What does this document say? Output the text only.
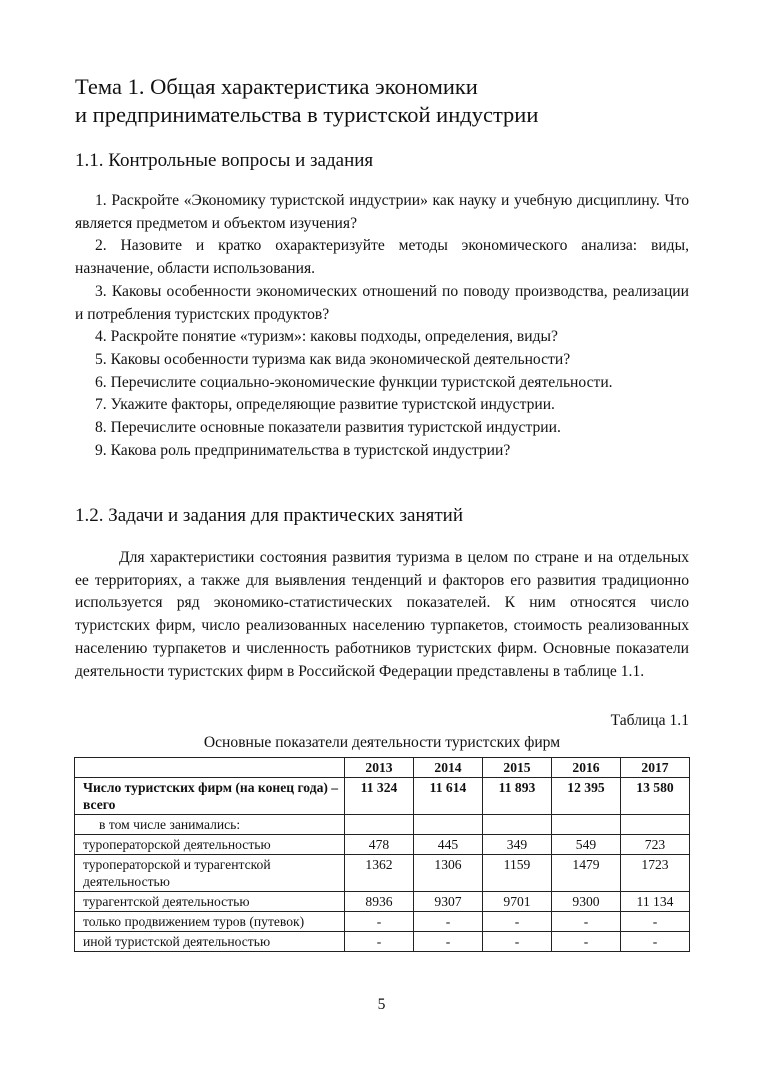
Тема 1. Общая характеристика экономики
и предпринимательства в туристской индустрии
1.1. Контрольные вопросы и задания
1. Раскройте «Экономику туристской индустрии» как науку и учебную дисциплину. Что является предметом и объектом изучения?
2. Назовите и кратко охарактеризуйте методы экономического анализа: виды, назначение, области использования.
3. Каковы особенности экономических отношений по поводу производства, реализации и потребления туристских продуктов?
4. Раскройте понятие «туризм»: каковы подходы, определения, виды?
5. Каковы особенности туризма как вида экономической деятельности?
6. Перечислите социально-экономические функции туристской деятельности.
7. Укажите факторы, определяющие развитие туристской индустрии.
8. Перечислите основные показатели развития туристской индустрии.
9. Какова роль предпринимательства в туристской индустрии?
1.2. Задачи и задания для практических занятий

Для характеристики состояния развития туризма в целом по стране и на отдельных ее территориях, а также для выявления тенденций и факторов его развития традиционно используется ряд экономико-статистических показателей. К ним относятся число туристских фирм, число реализованных населению турпакетов, стоимость реализованных населению турпакетов и численность работников туристских фирм. Основные показатели деятельности туристских фирм в Российской Федерации представлены в таблице 1.1.

Таблица 1.1
Основные показатели деятельности туристских фирм
	2013	2014	2015	2016	2017
Число туристских фирм (на конец года) – всего	11 324	11 614	11 893	12 395	13 580
в том числе занимались:					
туроператорской деятельностью	478	445	349	549	723
туроператорской и турагентской деятельностью	1362	1306	1159	1479	1723
турагентской деятельностью	8936	9307	9701	9300	11 134
только продвижением туров (путевок)	-	-	-	-	-
иной туристской деятельностью	-	-	-	-	-
5
